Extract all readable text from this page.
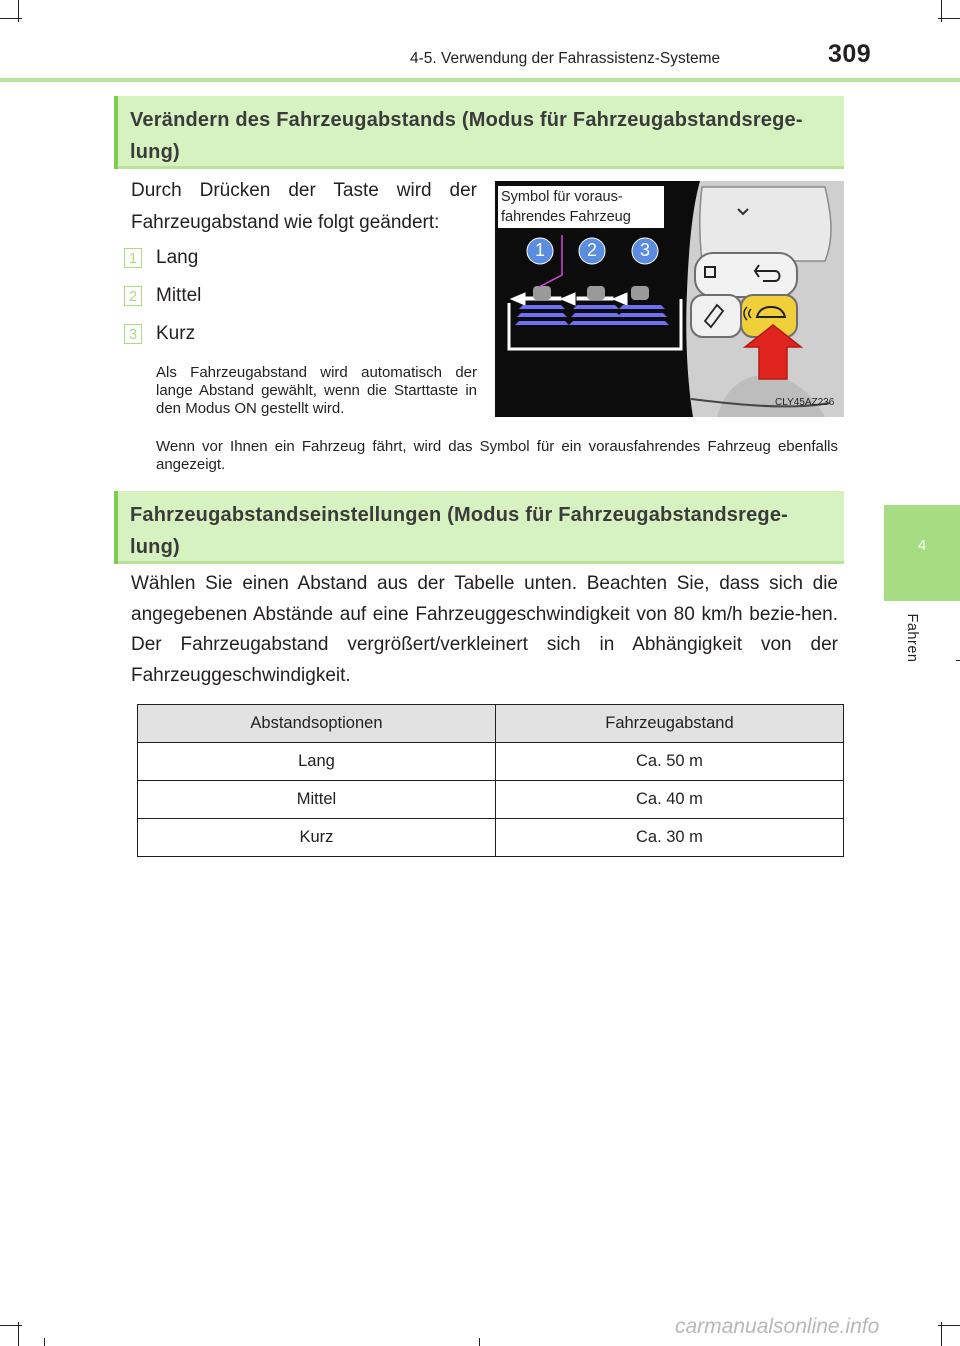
4-5. Verwendung der Fahrassistenz-Systeme	309
4
Fahren
Verändern des Fahrzeugabstands (Modus für Fahrzeugabstandsrege-lung)
Durch Drücken der Taste wird der Fahrzeugabstand wie folgt geändert:
1 Lang
2 Mittel
3 Kurz
Als Fahrzeugabstand wird automatisch der lange Abstand gewählt, wenn die Starttaste in den Modus ON gestellt wird.
1 2 3
Symbol für voraus-fahrendes Fahrzeug
CLY45AZ236
Wenn vor Ihnen ein Fahrzeug fährt, wird das Symbol für ein vorausfahrendes Fahrzeug ebenfalls angezeigt.
Fahrzeugabstandseinstellungen (Modus für Fahrzeugabstandsrege-lung)
Wählen Sie einen Abstand aus der Tabelle unten. Beachten Sie, dass sich die angegebenen Abstände auf eine Fahrzeuggeschwindigkeit von 80 km/h bezie-hen. Der Fahrzeugabstand vergrößert/verkleinert sich in Abhängigkeit von der Fahrzeuggeschwindigkeit.
Abstandsoptionen	Fahrzeugabstand
Lang	Ca. 50 m
Mittel	Ca. 40 m
Kurz	Ca. 30 m
carmanualsonline.info
